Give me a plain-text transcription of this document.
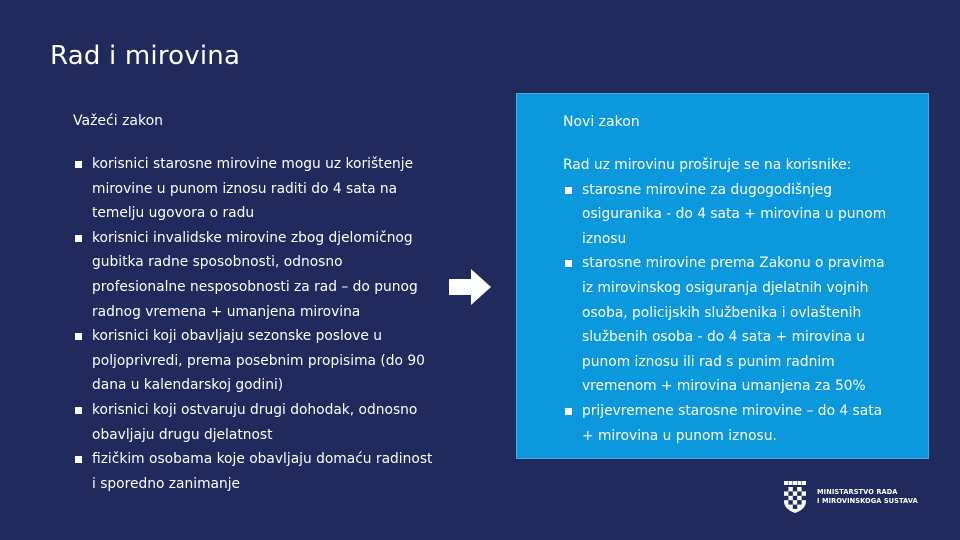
Rad i mirovina
Važeći zakon
korisnici starosne mirovine mogu uz korištenje mirovine u punom iznosu raditi do 4 sata na temelju ugovora o radu
korisnici invalidske mirovine zbog djelomičnog gubitka radne sposobnosti, odnosno profesionalne nesposobnosti za rad – do punog radnog vremena + umanjena mirovina
korisnici koji obavljaju sezonske poslove u poljoprivredi, prema posebnim propisima (do 90 dana u kalendarskoj godini)
korisnici koji ostvaruju drugi dohodak, odnosno obavljaju drugu djelatnost
fizičkim osobama koje obavljaju domaću radinost i sporedno zanimanje
Novi zakon
Rad uz mirovinu proširuje se na korisnike:
starosne mirovine za dugogodišnjeg osiguranika - do 4 sata + mirovina u punom iznosu
starosne mirovine prema Zakonu o pravima iz mirovinskog osiguranja djelatnih vojnih osoba, policijskih službenika i ovlaštenih službenih osoba - do 4 sata + mirovina u punom iznosu ili rad s punim radnim vremenom + mirovina umanjena za 50%
prijevremene starosne mirovine – do 4 sata + mirovina u punom iznosu.
MINISTARSTVO RADA
I MIROVINSKOGA SUSTAVA
